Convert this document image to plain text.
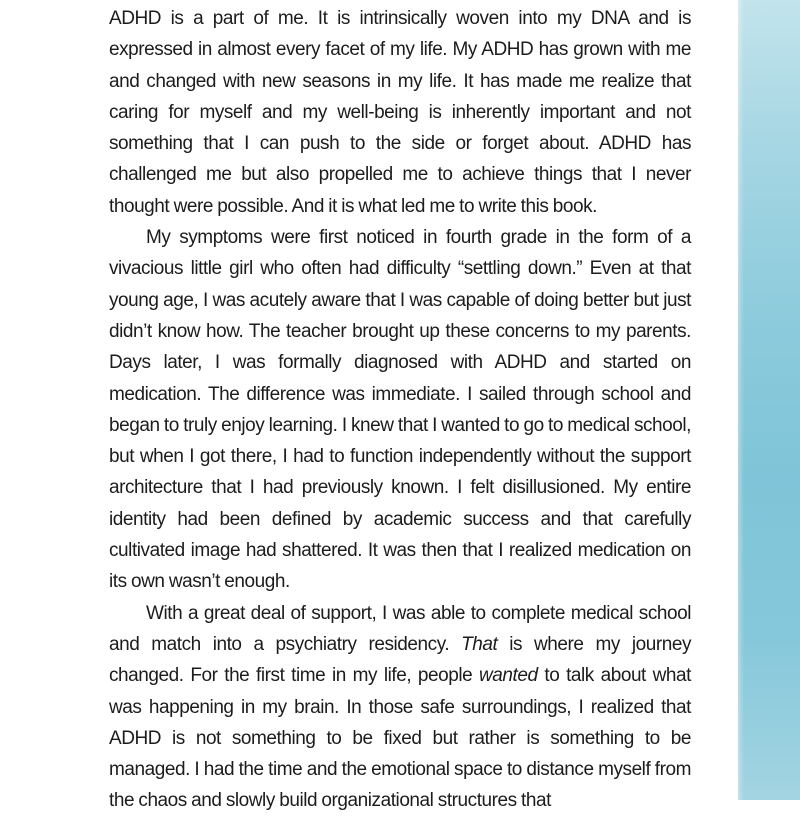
ADHD is a part of me. It is intrinsically woven into my DNA and is expressed in almost every facet of my life. My ADHD has grown with me and changed with new seasons in my life. It has made me realize that caring for myself and my well-being is inherently important and not something that I can push to the side or forget about. ADHD has challenged me but also propelled me to achieve things that I never thought were possible. And it is what led me to write this book.

My symptoms were first noticed in fourth grade in the form of a vivacious little girl who often had difficulty “settling down.” Even at that young age, I was acutely aware that I was capable of doing better but just didn’t know how. The teacher brought up these concerns to my parents. Days later, I was formally diagnosed with ADHD and started on medication. The difference was immediate. I sailed through school and began to truly enjoy learning. I knew that I wanted to go to medical school, but when I got there, I had to function independently without the support architecture that I had previously known. I felt disillusioned. My entire identity had been defined by academic success and that carefully cultivated image had shattered. It was then that I realized medication on its own wasn’t enough.

With a great deal of support, I was able to complete medical school and match into a psychiatry residency. That is where my journey changed. For the first time in my life, people wanted to talk about what was happening in my brain. In those safe surroundings, I realized that ADHD is not something to be fixed but rather is something to be managed. I had the time and the emotional space to distance myself from the chaos and slowly build organizational structures that
